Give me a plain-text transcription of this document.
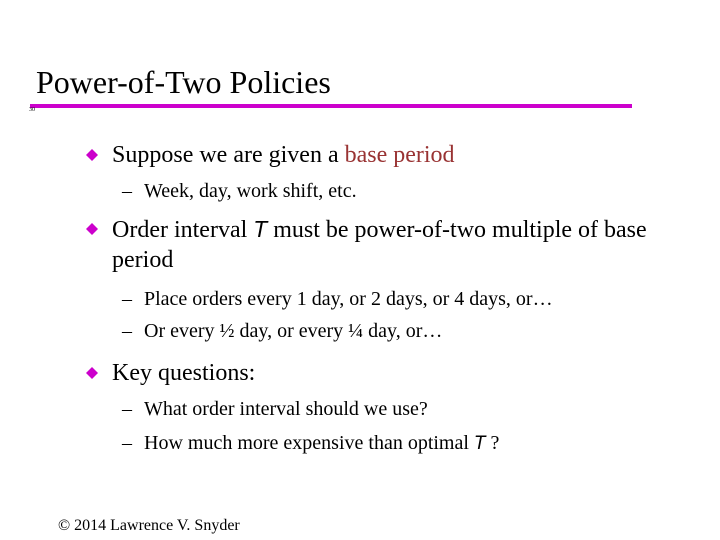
Power-of-Two Policies
30
Suppose we are given a base period
– Week, day, work shift, etc.
Order interval T must be power-of-two multiple of base period
– Place orders every 1 day, or 2 days, or 4 days, or…
– Or every ½ day, or every ¼ day, or…
Key questions:
– What order interval should we use?
– How much more expensive than optimal T ?
© 2014 Lawrence V. Snyder
